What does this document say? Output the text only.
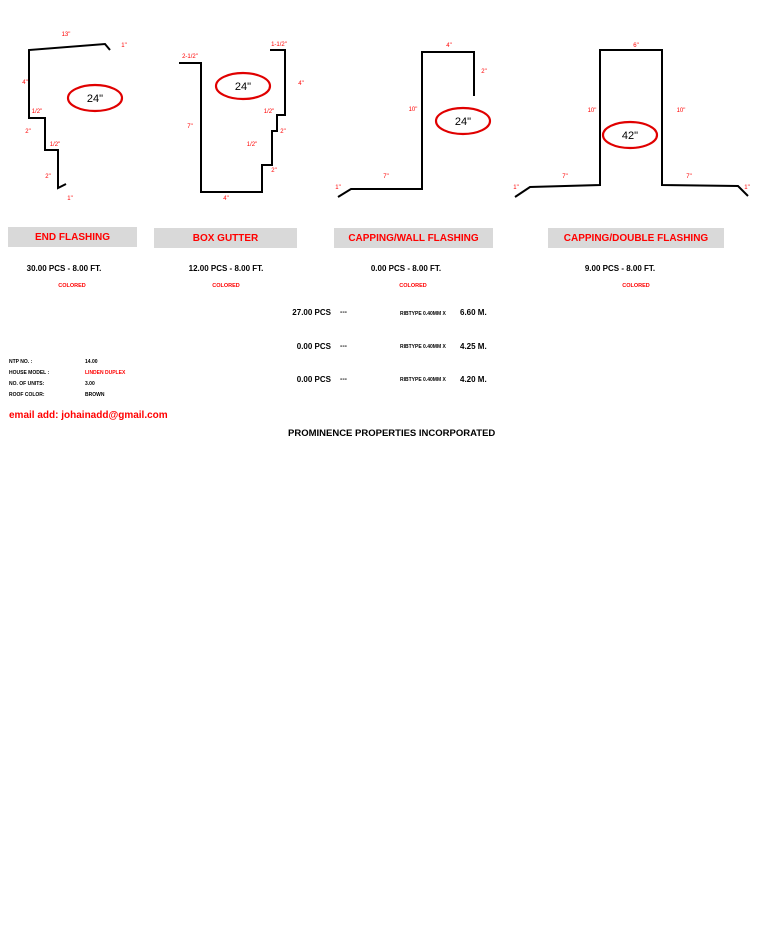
24"
13"
1"
4"
1/2"
2"
1/2"
2"
1"
24"
2-1/2"
1-1/2"
4"
7"
1/2"
2"
1/2"
2"
4"
24"
4"
2"
10"
7"
1"
42"
6"
10"	10"
7"	7"
1"	1"
END FLASHING	BOX GUTTER	CAPPING/WALL FLASHING	CAPPING/DOUBLE FLASHING
30.00 PCS - 8.00 FT.	12.00 PCS - 8.00 FT.	0.00 PCS - 8.00 FT.	9.00 PCS - 8.00 FT.
COLORED	COLORED	COLORED	COLORED
27.00 PCS ---	RIBTYPE 0.40MM X 6.60 M.
0.00 PCS ---	RIBTYPE 0.40MM X 4.25 M.
0.00 PCS ---	RIBTYPE 0.40MM X 4.20 M.
NTP NO. :	14.00
HOUSE MODEL :	LINDEN DUPLEX
NO. OF UNITS:	3.00
ROOF COLOR:	BROWN
email add: johainadd@gmail.com
PROMINENCE PROPERTIES INCORPORATED
